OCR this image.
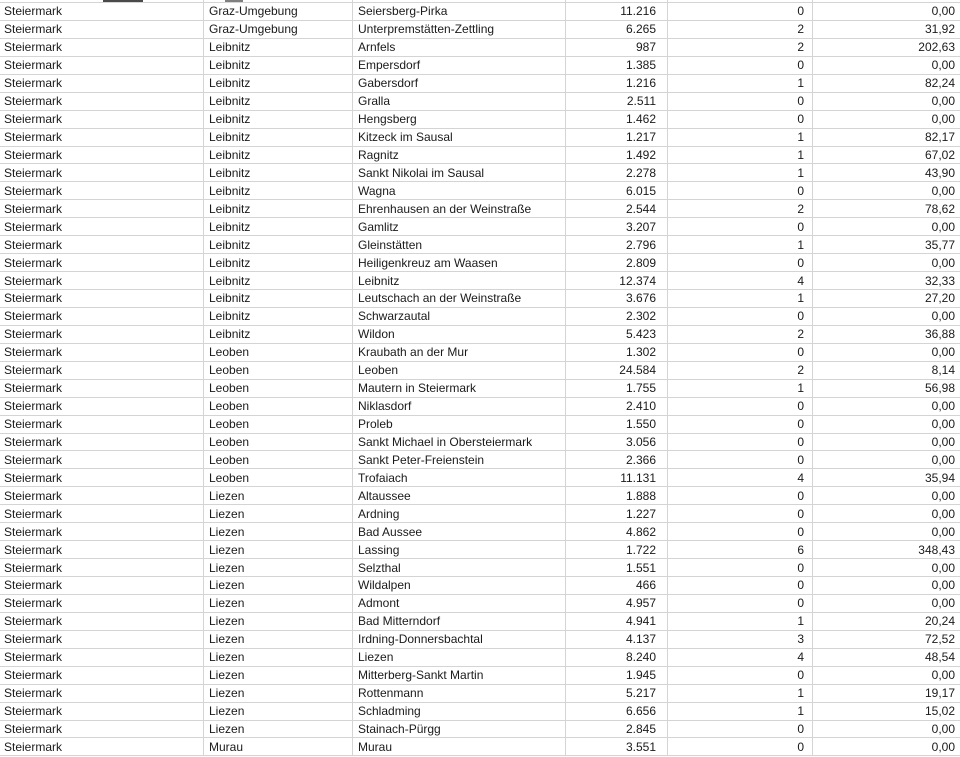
Steiermark	Graz-Umgebung	Seiersberg-Pirka	11.216	0	0,00
Steiermark	Graz-Umgebung	Unterpremstätten-Zettling	6.265	2	31,92
Steiermark	Leibnitz	Arnfels	987	2	202,63
Steiermark	Leibnitz	Empersdorf	1.385	0	0,00
Steiermark	Leibnitz	Gabersdorf	1.216	1	82,24
Steiermark	Leibnitz	Gralla	2.511	0	0,00
Steiermark	Leibnitz	Hengsberg	1.462	0	0,00
Steiermark	Leibnitz	Kitzeck im Sausal	1.217	1	82,17
Steiermark	Leibnitz	Ragnitz	1.492	1	67,02
Steiermark	Leibnitz	Sankt Nikolai im Sausal	2.278	1	43,90
Steiermark	Leibnitz	Wagna	6.015	0	0,00
Steiermark	Leibnitz	Ehrenhausen an der Weinstraße	2.544	2	78,62
Steiermark	Leibnitz	Gamlitz	3.207	0	0,00
Steiermark	Leibnitz	Gleinstätten	2.796	1	35,77
Steiermark	Leibnitz	Heiligenkreuz am Waasen	2.809	0	0,00
Steiermark	Leibnitz	Leibnitz	12.374	4	32,33
Steiermark	Leibnitz	Leutschach an der Weinstraße	3.676	1	27,20
Steiermark	Leibnitz	Schwarzautal	2.302	0	0,00
Steiermark	Leibnitz	Wildon	5.423	2	36,88
Steiermark	Leoben	Kraubath an der Mur	1.302	0	0,00
Steiermark	Leoben	Leoben	24.584	2	8,14
Steiermark	Leoben	Mautern in Steiermark	1.755	1	56,98
Steiermark	Leoben	Niklasdorf	2.410	0	0,00
Steiermark	Leoben	Proleb	1.550	0	0,00
Steiermark	Leoben	Sankt Michael in Obersteiermark	3.056	0	0,00
Steiermark	Leoben	Sankt Peter-Freienstein	2.366	0	0,00
Steiermark	Leoben	Trofaiach	11.131	4	35,94
Steiermark	Liezen	Altaussee	1.888	0	0,00
Steiermark	Liezen	Ardning	1.227	0	0,00
Steiermark	Liezen	Bad Aussee	4.862	0	0,00
Steiermark	Liezen	Lassing	1.722	6	348,43
Steiermark	Liezen	Selzthal	1.551	0	0,00
Steiermark	Liezen	Wildalpen	466	0	0,00
Steiermark	Liezen	Admont	4.957	0	0,00
Steiermark	Liezen	Bad Mitterndorf	4.941	1	20,24
Steiermark	Liezen	Irdning-Donnersbachtal	4.137	3	72,52
Steiermark	Liezen	Liezen	8.240	4	48,54
Steiermark	Liezen	Mitterberg-Sankt Martin	1.945	0	0,00
Steiermark	Liezen	Rottenmann	5.217	1	19,17
Steiermark	Liezen	Schladming	6.656	1	15,02
Steiermark	Liezen	Stainach-Pürgg	2.845	0	0,00
Steiermark	Murau	Murau	3.551	0	0,00
